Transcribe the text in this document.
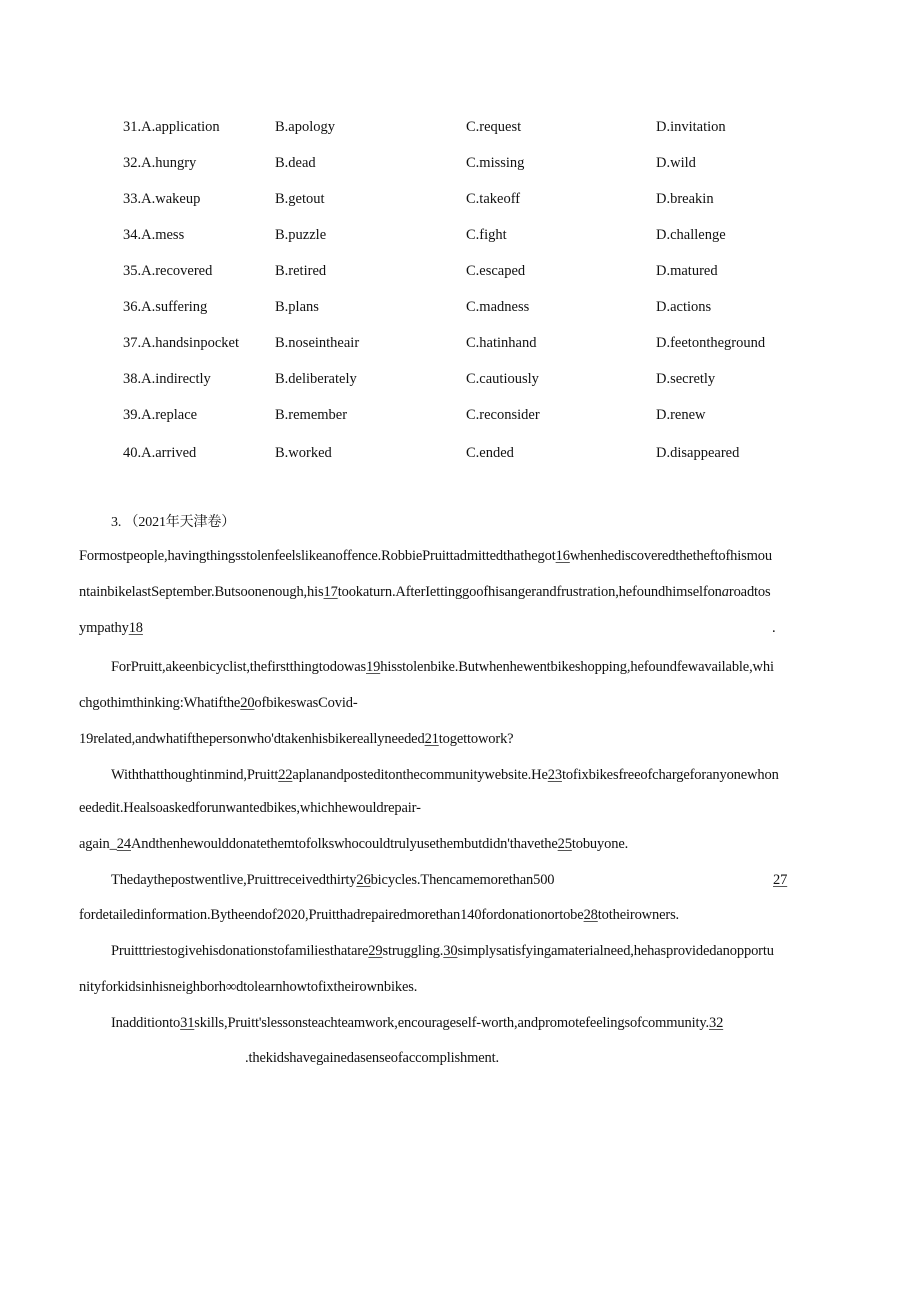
31.A.application	B.apology	C.request	D.invitation
32.A.hungry	B.dead	C.missing	D.wild
33.A.wakeup	B.getout	C.takeoff	D.breakin
34.A.mess	B.puzzle	C.fight	D.challenge
35.A.recovered	B.retired	C.escaped	D.matured
36.A.suffering	B.plans	C.madness	D.actions
37.A.handsinpocket B.noseintheair	C.hatinhand	D.feetontheground
38.A.indirectly	B.deliberately	C.cautiously	D.secretly
39.A.replace	B.remember	C.reconsider	D.renew
40.A.arrived	B.worked	C.ended	D.disappeared
3. （2021年天津卷）
Formostpeople,havingthingsstolenfeelslikeanoffence.RobbiePruittadmittedthathegot16whenhediscoveredthetheftofhismou
ntainbikelastSeptember.Butsoonenough,his17tookaturn.AfterIettinggoofhisangerandfrustration,hefoundhimselfonaroadtos
ympathy18	.
ForPruitt,akeenbicyclist,thefirstthingtodowas19hisstolenbike.Butwhenhewentbikeshopping,hefoundfewavailable,whi
chgothimthinking:Whatifthe20ofbikeswasCovid-
19related,andwhatifthepersonwho'dtakenhisbikereallyneeded21togettowork?
Withthatthoughtinmind,Pruitt22aplanandposteditonthecommunitywebsite.He23tofixbikesfreeofchargeforanyonewhon
eededit.Healsoaskedforunwantedbikes,whichhewouldrepair-
again_24Andthenhewoulddonatethemtofolkswhocouldtrulyusethembutdidn'thavethe25tobuyone.
Thedaythepostwentlive,Pruittreceivedthirty26bicycles.Thencamemorethan500	27
fordetailedinformation.Bytheendof2020,Pruitthadrepairedmorethan140fordonationortobe28totheirowners.
Pruitttriestogivehisdonationstofamiliesthatare29struggling.30simplysatisfyingamaterialneed,hehasprovidedanopportu
nityforkidsinhisneighborh∞dtolearnhowtofixtheirownbikes.
Inadditionto31skills,Pruitt'slessonsteachteamwork,encourageself-worth,andpromotefeelingsofcommunity.32
.thekidshavegainedasenseofaccomplishment.
